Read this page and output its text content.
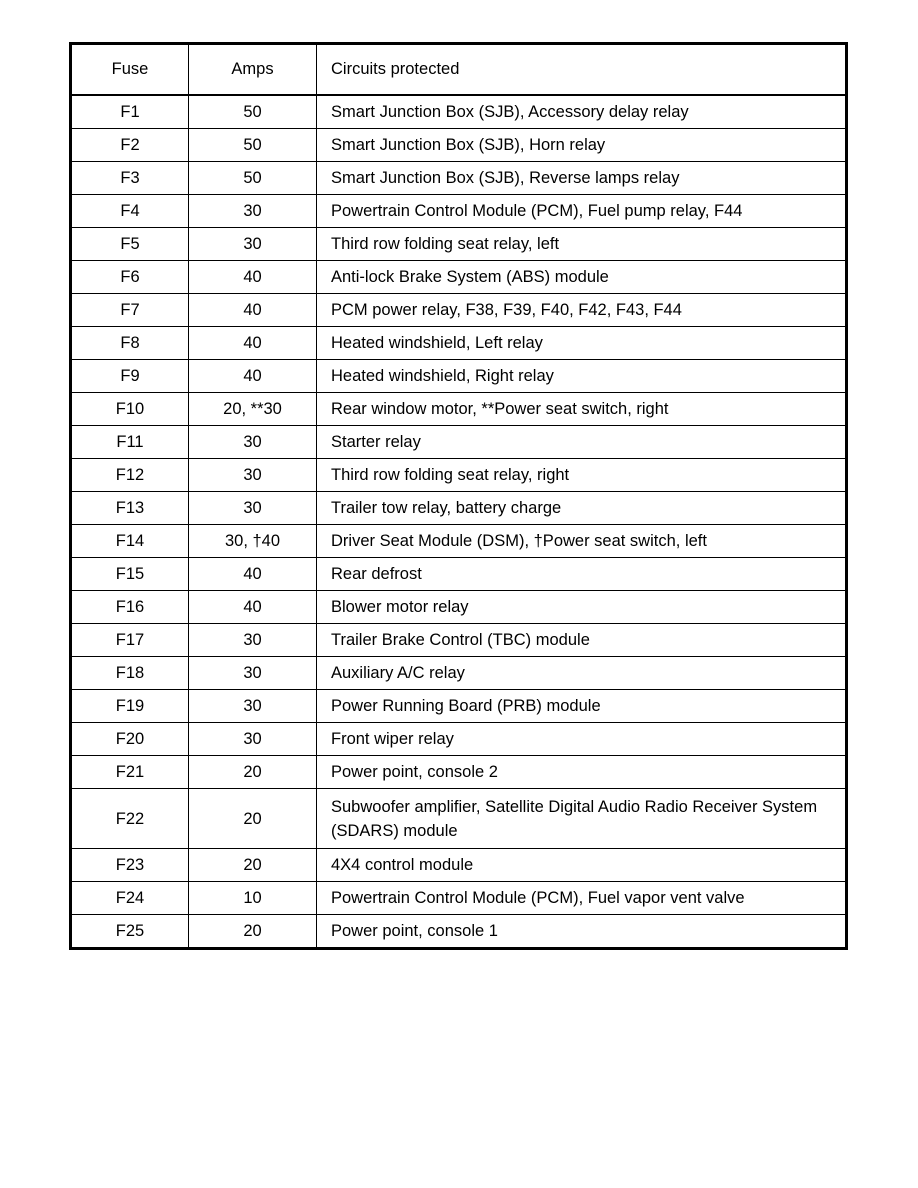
Fuse	Amps	Circuits protected
F1	50	Smart Junction Box (SJB), Accessory delay relay
F2	50	Smart Junction Box (SJB), Horn relay
F3	50	Smart Junction Box (SJB), Reverse lamps relay
F4	30	Powertrain Control Module (PCM), Fuel pump relay, F44
F5	30	Third row folding seat relay, left
F6	40	Anti-lock Brake System (ABS) module
F7	40	PCM power relay, F38, F39, F40, F42, F43, F44
F8	40	Heated windshield, Left relay
F9	40	Heated windshield, Right relay
F10	20, **30	Rear window motor, **Power seat switch, right
F11	30	Starter relay
F12	30	Third row folding seat relay, right
F13	30	Trailer tow relay, battery charge
F14	30, †40	Driver Seat Module (DSM), †Power seat switch, left
F15	40	Rear defrost
F16	40	Blower motor relay
F17	30	Trailer Brake Control (TBC) module
F18	30	Auxiliary A/C relay
F19	30	Power Running Board (PRB) module
F20	30	Front wiper relay
F21	20	Power point, console 2
F22	20	Subwoofer amplifier, Satellite Digital Audio Radio Receiver System (SDARS) module
F23	20	4X4 control module
F24	10	Powertrain Control Module (PCM), Fuel vapor vent valve
F25	20	Power point, console 1
